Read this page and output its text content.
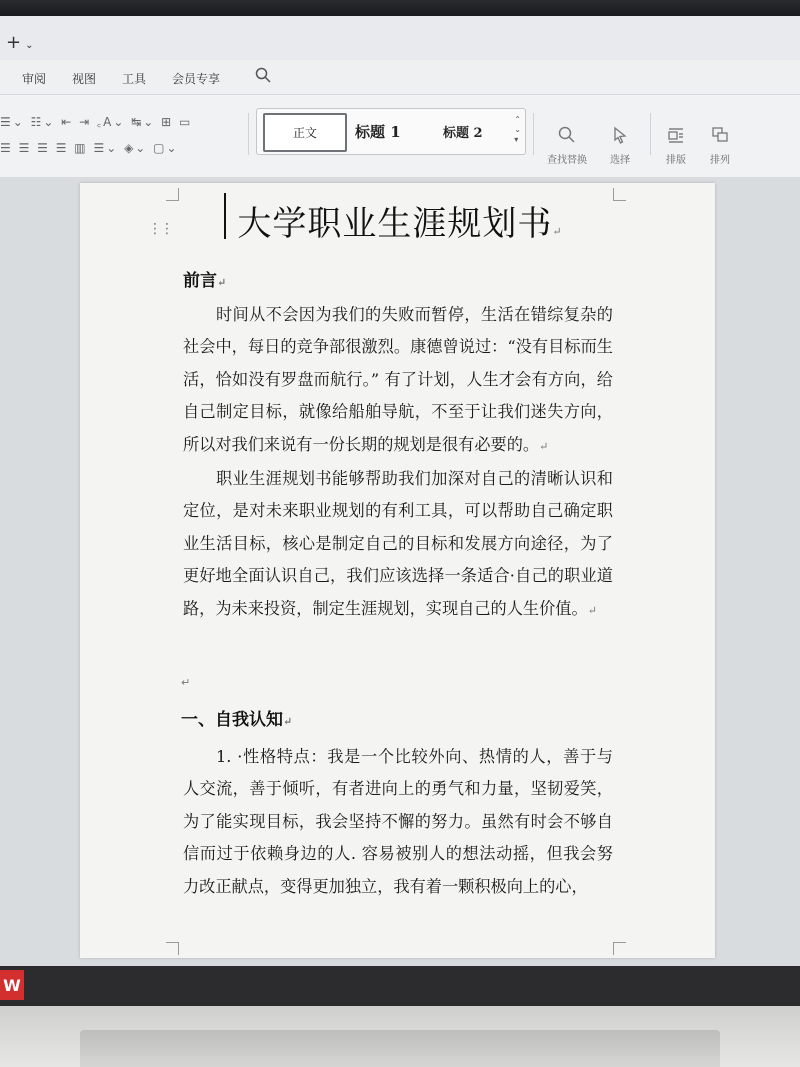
+ ⌄
审阅 视图 工具 会员专享
☰⌄ ☷⌄ ⇤ ⇥ ꜀A⌄ ↹⌄ ⊞ ▭
☰ ☰ ☰ ☰ ▥ ☰⌄ ◈⌄ ▢⌄
正文	标题 1	标题 2
⌃
⌄
▾
查找替换	选择	排版	排列
⋮⋮	大学职业生涯规划书↵
前言↵
时间从不会因为我们的失败而暂停，生活在错综复杂的社会中，每日的竞争部很激烈。康德曾说过：“没有目标而生活，恰如没有罗盘而航行。” 有了计划，人生才会有方向，给自己制定目标，就像给船舶导航，不至于让我们迷失方向，所以对我们来说有一份长期的规划是很有必要的。↵
职业生涯规划书能够帮助我们加深对自己的清晰认识和定位，是对未来职业规划的有利工具，可以帮助自己确定职业生活目标，核心是制定自己的目标和发展方向途径，为了更好地全面认识自己，我们应该选择一条适合·自己的职业道路，为未来投资，制定生涯规划，实现自己的人生价值。↵
↵
一、自我认知↵
1. ·性格特点：我是一个比较外向、热情的人，善于与人交流，善于倾听，有者进向上的勇气和力量，坚韧爱笑，为了能实现目标，我会坚持不懈的努力。虽然有时会不够自信而过于依赖身边的人. 容易被别人的想法动摇，但我会努力改正献点，变得更加独立，我有着一颗积极向上的心，
W
